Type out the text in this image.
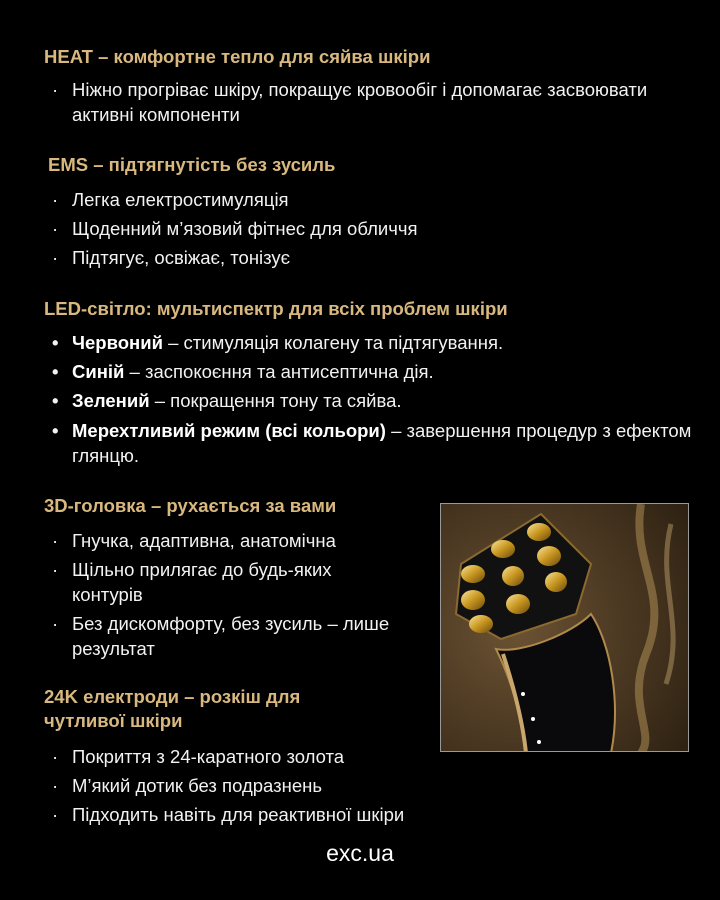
HEAT – комфортне тепло для сяйва шкіри
· Ніжно прогріває шкіру, покращує кровообіг і допомагає засвоювати активні компоненти
EMS – підтягнутість без зусиль
· Легка електростимуляція
· Щоденний м’язовий фітнес для обличчя
· Підтягує, освіжає, тонізує
LED-світло: мультиспектр для всіх проблем шкіри
• Червоний – стимуляція колагену та підтягування.
• Синій – заспокоєння та антисептична дія.
• Зелений – покращення тону та сяйва.
• Мерехтливий режим (всі кольори) – завершення процедур з ефектом глянцю.
3D-головка – рухається за вами
· Гнучка, адаптивна, анатомічна
· Щільно прилягає до будь-яких контурів
· Без дискомфорту, без зусиль – лише результат
24K електроди – розкіш для чутливої шкіри
· Покриття з 24-каратного золота
· М’який дотик без подразнень
· Підходить навіть для реактивної шкіри
exc.ua
